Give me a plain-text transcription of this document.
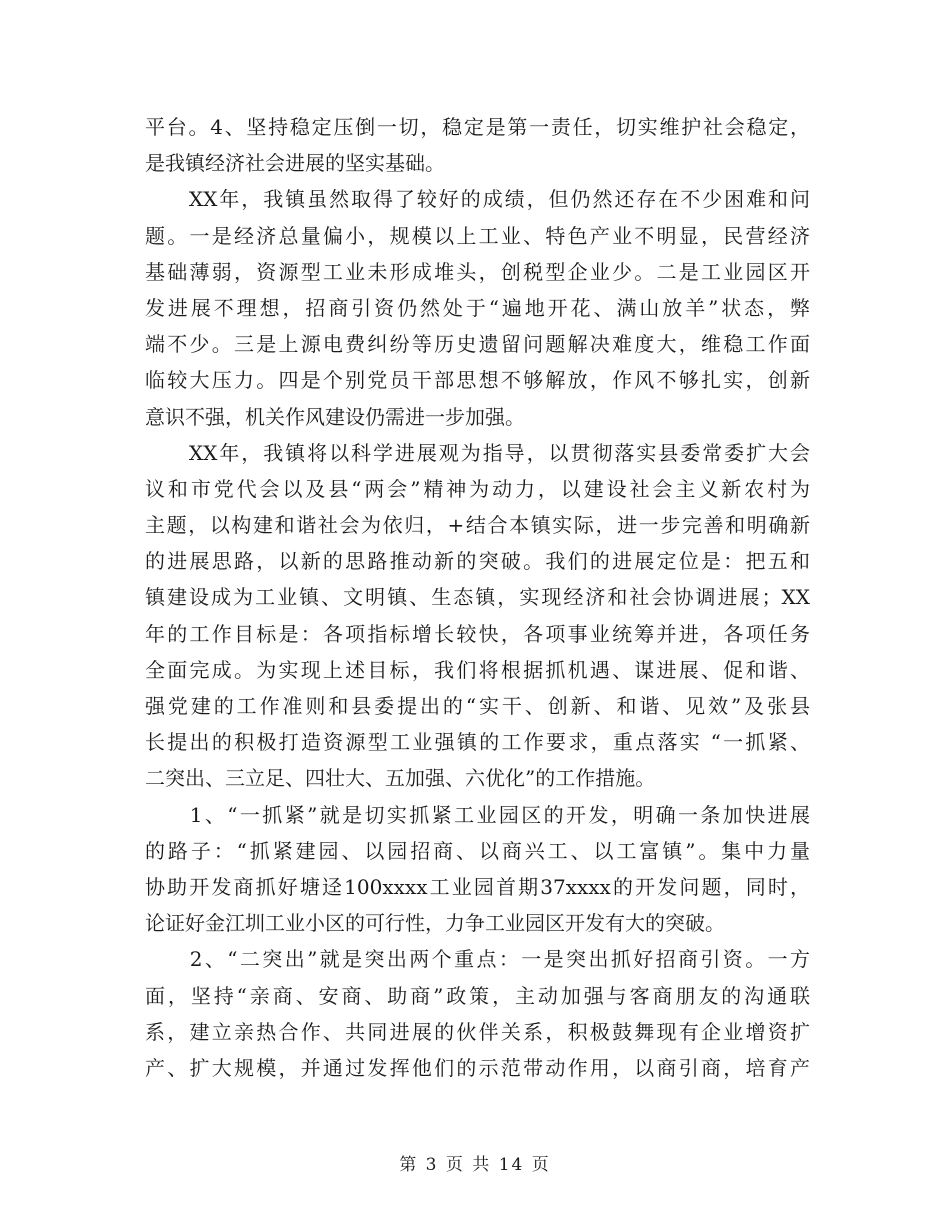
平台。4、坚持稳定压倒一切，稳定是第一责任，切实维护社会稳定，
是我镇经济社会进展的坚实基础。
　　XX年，我镇虽然取得了较好的成绩，但仍然还存在不少困难和问
题。一是经济总量偏小，规模以上工业、特色产业不明显，民营经济
基础薄弱，资源型工业未形成堆头，创税型企业少。二是工业园区开
发进展不理想，招商引资仍然处于“遍地开花、满山放羊”状态，弊
端不少。三是上源电费纠纷等历史遗留问题解决难度大，维稳工作面
临较大压力。四是个别党员干部思想不够解放，作风不够扎实，创新
意识不强，机关作风建设仍需进一步加强。
　　XX年，我镇将以科学进展观为指导，以贯彻落实县委常委扩大会
议和市党代会以及县“两会”精神为动力，以建设社会主义新农村为
主题，以构建和谐社会为依归，+结合本镇实际，进一步完善和明确新
的进展思路，以新的思路推动新的突破。我们的进展定位是：把五和
镇建设成为工业镇、文明镇、生态镇，实现经济和社会协调进展；XX
年的工作目标是：各项指标增长较快，各项事业统筹并进，各项任务
全面完成。为实现上述目标，我们将根据抓机遇、谋进展、促和谐、
强党建的工作准则和县委提出的“实干、创新、和谐、见效”及张县
长提出的积极打造资源型工业强镇的工作要求，重点落实 “一抓紧、
二突出、三立足、四壮大、五加强、六优化”的工作措施。
　　1、“一抓紧”就是切实抓紧工业园区的开发，明确一条加快进展
的路子：“抓紧建园、以园招商、以商兴工、以工富镇”。集中力量
协助开发商抓好塘迳100xxxx工业园首期37xxxx的开发问题，同时，
论证好金江圳工业小区的可行性，力争工业园区开发有大的突破。
　　2、“二突出”就是突出两个重点：一是突出抓好招商引资。一方
面，坚持“亲商、安商、助商”政策，主动加强与客商朋友的沟通联
系，建立亲热合作、共同进展的伙伴关系，积极鼓舞现有企业增资扩
产、扩大规模，并通过发挥他们的示范带动作用，以商引商，培育产
第 3 页 共 14 页
